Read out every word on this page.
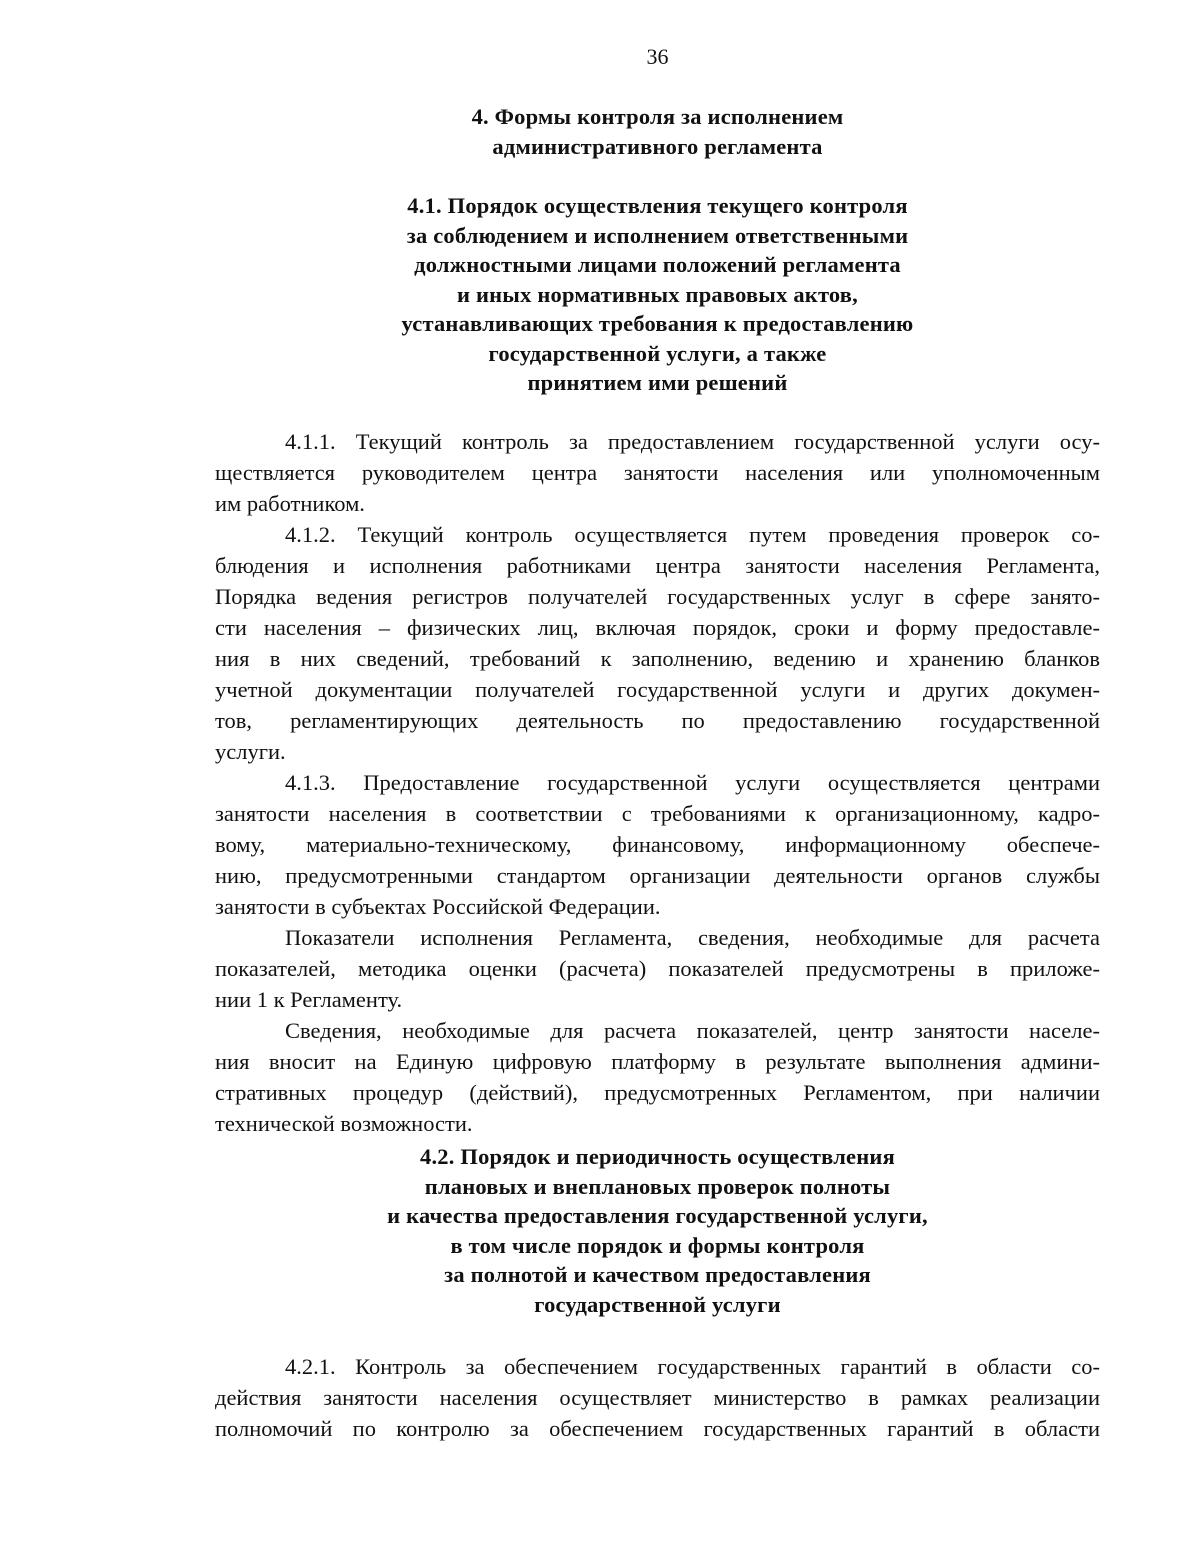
36
4. Формы контроля за исполнением
административного регламента
4.1. Порядок осуществления текущего контроля
за соблюдением и исполнением ответственными
должностными лицами положений регламента
и иных нормативных правовых актов,
устанавливающих требования к предоставлению
государственной услуги, а также
принятием ими решений
4.1.1. Текущий контроль за предоставлением государственной услуги осу-
ществляется руководителем центра занятости населения или уполномоченным
им работником.
4.1.2. Текущий контроль осуществляется путем проведения проверок со-
блюдения и исполнения работниками центра занятости населения Регламента,
Порядка ведения регистров получателей государственных услуг в сфере занято-
сти населения – физических лиц, включая порядок, сроки и форму предоставле-
ния в них сведений, требований к заполнению, ведению и хранению бланков
учетной документации получателей государственной услуги и других докумен-
тов, регламентирующих деятельность по предоставлению государственной
услуги.
4.1.3. Предоставление государственной услуги осуществляется центрами
занятости населения в соответствии с требованиями к организационному, кадро-
вому, материально-техническому, финансовому, информационному обеспече-
нию, предусмотренными стандартом организации деятельности органов службы
занятости в субъектах Российской Федерации.
Показатели исполнения Регламента, сведения, необходимые для расчета
показателей, методика оценки (расчета) показателей предусмотрены в приложе-
нии 1 к Регламенту.
Сведения, необходимые для расчета показателей, центр занятости населе-
ния вносит на Единую цифровую платформу в результате выполнения админи-
стративных процедур (действий), предусмотренных Регламентом, при наличии
технической возможности.
4.2. Порядок и периодичность осуществления
плановых и внеплановых проверок полноты
и качества предоставления государственной услуги,
в том числе порядок и формы контроля
за полнотой и качеством предоставления
государственной услуги
4.2.1. Контроль за обеспечением государственных гарантий в области со-
действия занятости населения осуществляет министерство в рамках реализации
полномочий по контролю за обеспечением государственных гарантий в области
